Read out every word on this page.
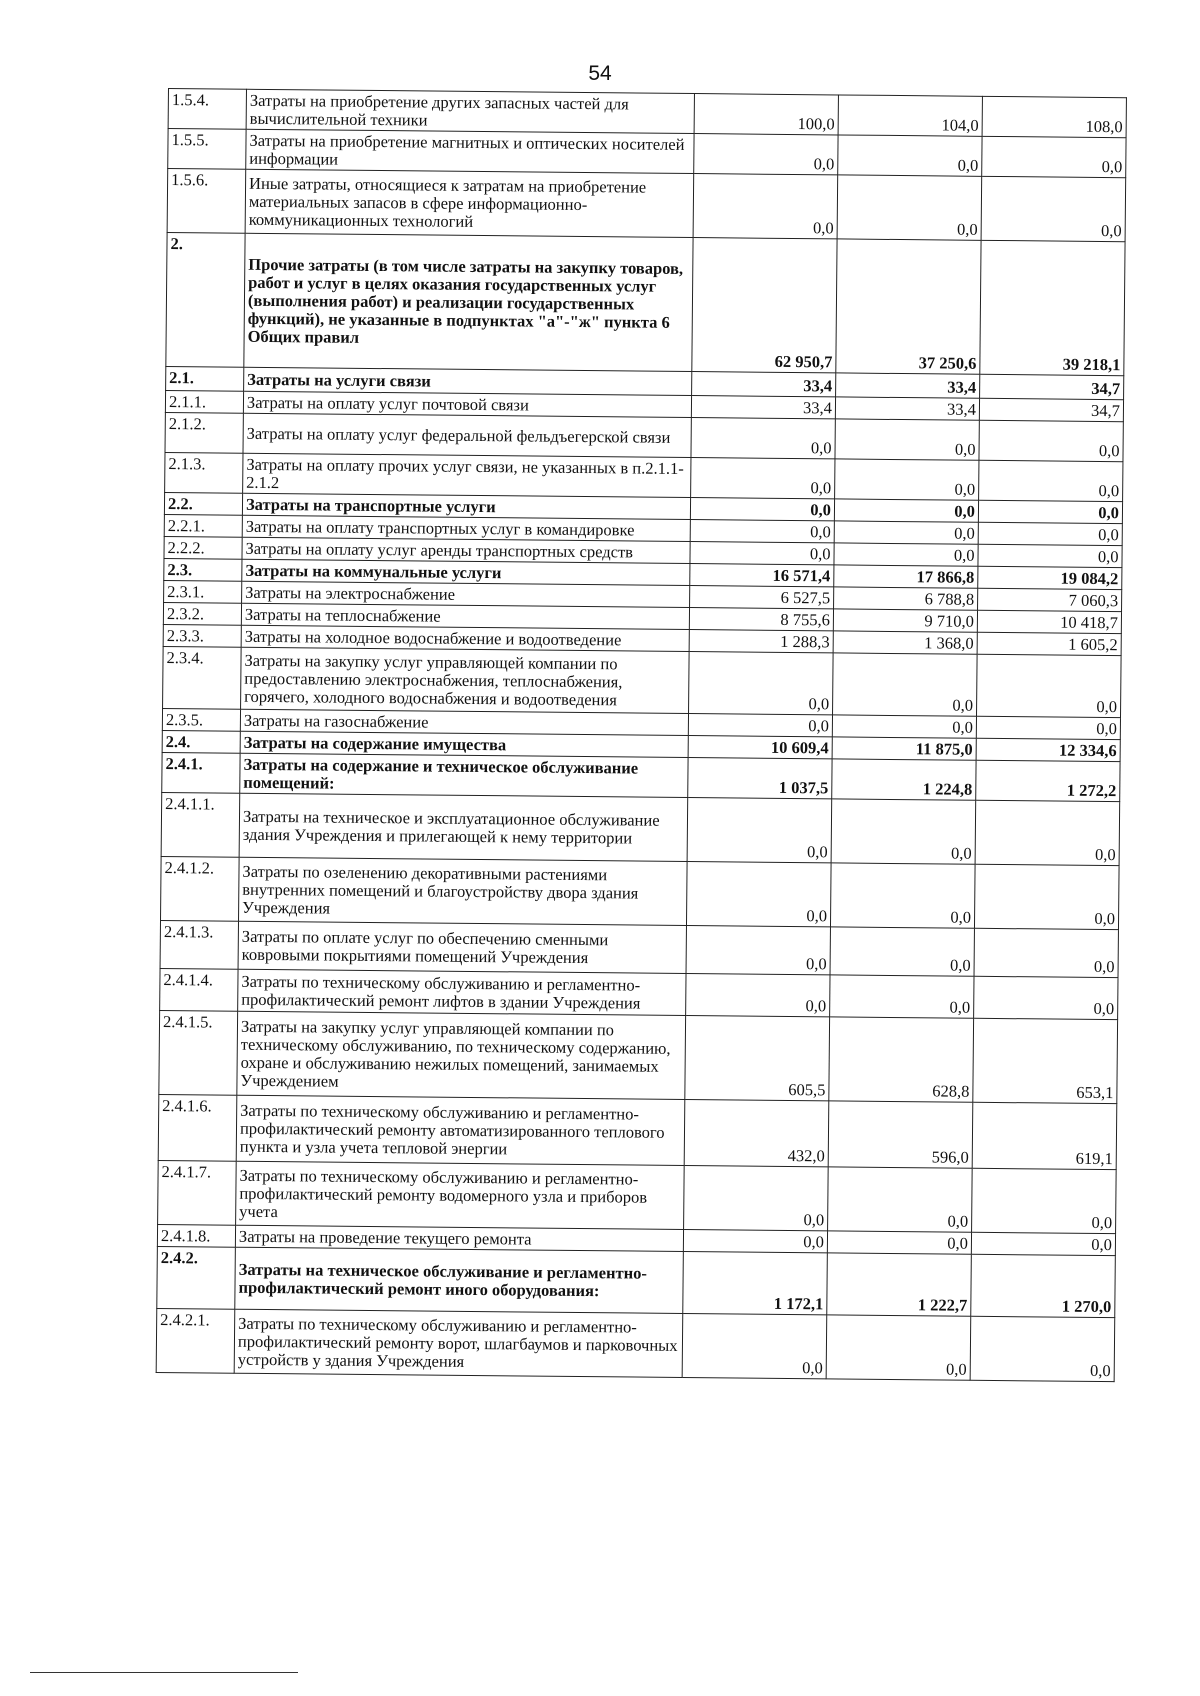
54
1.5.4.	Затраты на приобретение других запасных частей для вычислительной техники	100,0	104,0	108,0
1.5.5.	Затраты на приобретение магнитных и оптических носителей информации	0,0	0,0	0,0
1.5.6.	Иные затраты, относящиеся к затратам на приобретение материальных запасов в сфере информационно-коммуникационных технологий	0,0	0,0	0,0
2.	Прочие затраты (в том числе затраты на закупку товаров, работ и услуг в целях оказания государственных услуг (выполнения работ) и реализации государственных функций), не указанные в подпунктах "а"-"ж" пункта 6 Общих правил	62 950,7	37 250,6	39 218,1
2.1.	Затраты на услуги связи	33,4	33,4	34,7
2.1.1.	Затраты на оплату услуг почтовой связи	33,4	33,4	34,7
2.1.2.	Затраты на оплату услуг федеральной фельдъегерской связи	0,0	0,0	0,0
2.1.3.	Затраты на оплату прочих услуг связи, не указанных в п.2.1.1-2.1.2	0,0	0,0	0,0
2.2.	Затраты на транспортные услуги	0,0	0,0	0,0
2.2.1.	Затраты на оплату транспортных услуг в командировке	0,0	0,0	0,0
2.2.2.	Затраты на оплату услуг аренды транспортных средств	0,0	0,0	0,0
2.3.	Затраты на коммунальные услуги	16 571,4	17 866,8	19 084,2
2.3.1.	Затраты на электроснабжение	6 527,5	6 788,8	7 060,3
2.3.2.	Затраты на теплоснабжение	8 755,6	9 710,0	10 418,7
2.3.3.	Затраты на холодное водоснабжение и водоотведение	1 288,3	1 368,0	1 605,2
2.3.4.	Затраты на закупку услуг управляющей компании по предоставлению электроснабжения, теплоснабжения, горячего, холодного водоснабжения и водоотведения	0,0	0,0	0,0
2.3.5.	Затраты на газоснабжение	0,0	0,0	0,0
2.4.	Затраты на содержание имущества	10 609,4	11 875,0	12 334,6
2.4.1.	Затраты на содержание и техническое обслуживание помещений:	1 037,5	1 224,8	1 272,2
2.4.1.1.	Затраты на техническое и эксплуатационное обслуживание здания Учреждения и прилегающей к нему территории	0,0	0,0	0,0
2.4.1.2.	Затраты по озеленению декоративными растениями внутренних помещений и благоустройству двора здания Учреждения	0,0	0,0	0,0
2.4.1.3.	Затраты по оплате услуг по обеспечению сменными ковровыми покрытиями помещений Учреждения	0,0	0,0	0,0
2.4.1.4.	Затраты по техническому обслуживанию и регламентно-профилактический ремонт лифтов в здании Учреждения	0,0	0,0	0,0
2.4.1.5.	Затраты на закупку услуг управляющей компании по техническому обслуживанию, по техническому содержанию, охране и обслуживанию нежилых помещений, занимаемых Учреждением	605,5	628,8	653,1
2.4.1.6.	Затраты по техническому обслуживанию и регламентно-профилактический ремонту автоматизированного теплового пункта и узла учета тепловой энергии	432,0	596,0	619,1
2.4.1.7.	Затраты по техническому обслуживанию и регламентно-профилактический ремонту водомерного узла и приборов учета	0,0	0,0	0,0
2.4.1.8.	Затраты на проведение текущего ремонта	0,0	0,0	0,0
2.4.2.	Затраты на техническое обслуживание и регламентно-профилактический ремонт иного оборудования:	1 172,1	1 222,7	1 270,0
2.4.2.1.	Затраты по техническому обслуживанию и регламентно-профилактический ремонту ворот, шлагбаумов и парковочных устройств у здания Учреждения	0,0	0,0	0,0
